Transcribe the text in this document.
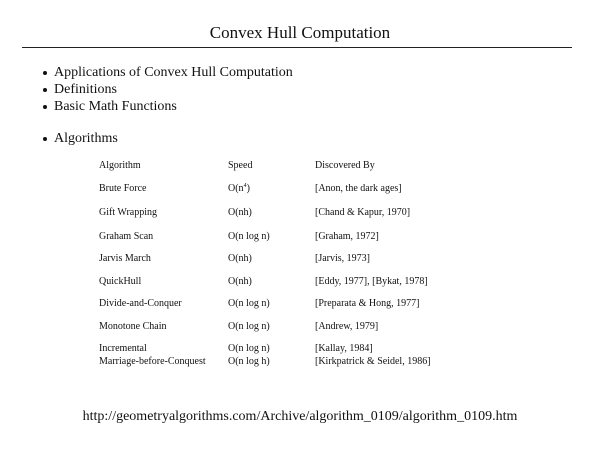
Convex Hull Computation
Applications of Convex Hull Computation
Definitions
Basic Math Functions
Algorithms
Algorithm	Speed	Discovered By
Brute Force	$O(n^4)$	[Anon, the dark ages]
Gift Wrapping	O(nh)	[Chand & Kapur, 1970]
Graham Scan	O(n log n)	[Graham, 1972]
Jarvis March	O(nh)	[Jarvis, 1973]
QuickHull	O(nh)	[Eddy, 1977], [Bykat, 1978]
Divide-and-Conquer	O(n log n)	[Preparata & Hong, 1977]
Monotone Chain	O(n log n)	[Andrew, 1979]
Incremental	O(n log n)	[Kallay, 1984]
Marriage-before-Conquest O(n log h)	[Kirkpatrick & Seidel, 1986]
http://geometryalgorithms.com/Archive/algorithm_0109/algorithm_0109.htm
